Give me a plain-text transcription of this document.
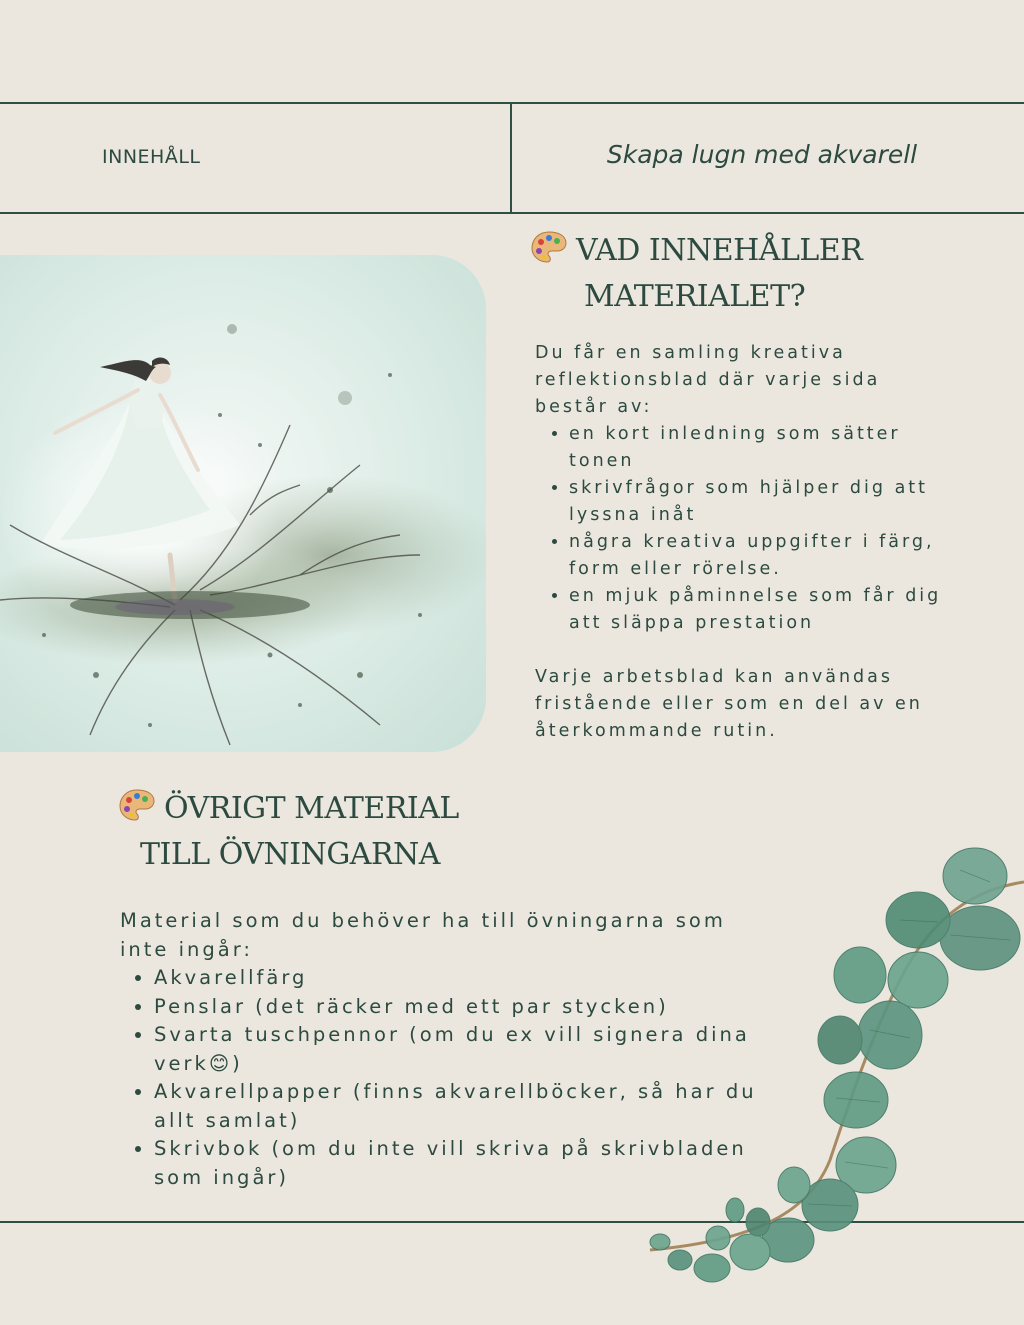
INNEHÅLL	Skapa lugn med akvarell
VAD INNEHÅLLER
MATERIALET?

Du får en samling kreativa reflektionsblad där varje sida består av:

• en kort inledning som sätter tonen
• skrivfrågor som hjälper dig att lyssna inåt
• några kreativa uppgifter i färg, form eller rörelse.
• en mjuk påminnelse som får dig att släppa prestation

Varje arbetsblad kan användas fristående eller som en del av en återkommande rutin.

ÖVRIGT MATERIAL
TILL ÖVNINGARNA

Material som du behöver ha till övningarna som inte ingår:

• Akvarellfärg
• Penslar (det räcker med ett par stycken)
• Svarta tuschpennor (om du ex vill signera dina verk😊)
• Akvarellpapper (finns akvarellböcker, så har du allt samlat)
• Skrivbok (om du inte vill skriva på skrivbladen som ingår)
